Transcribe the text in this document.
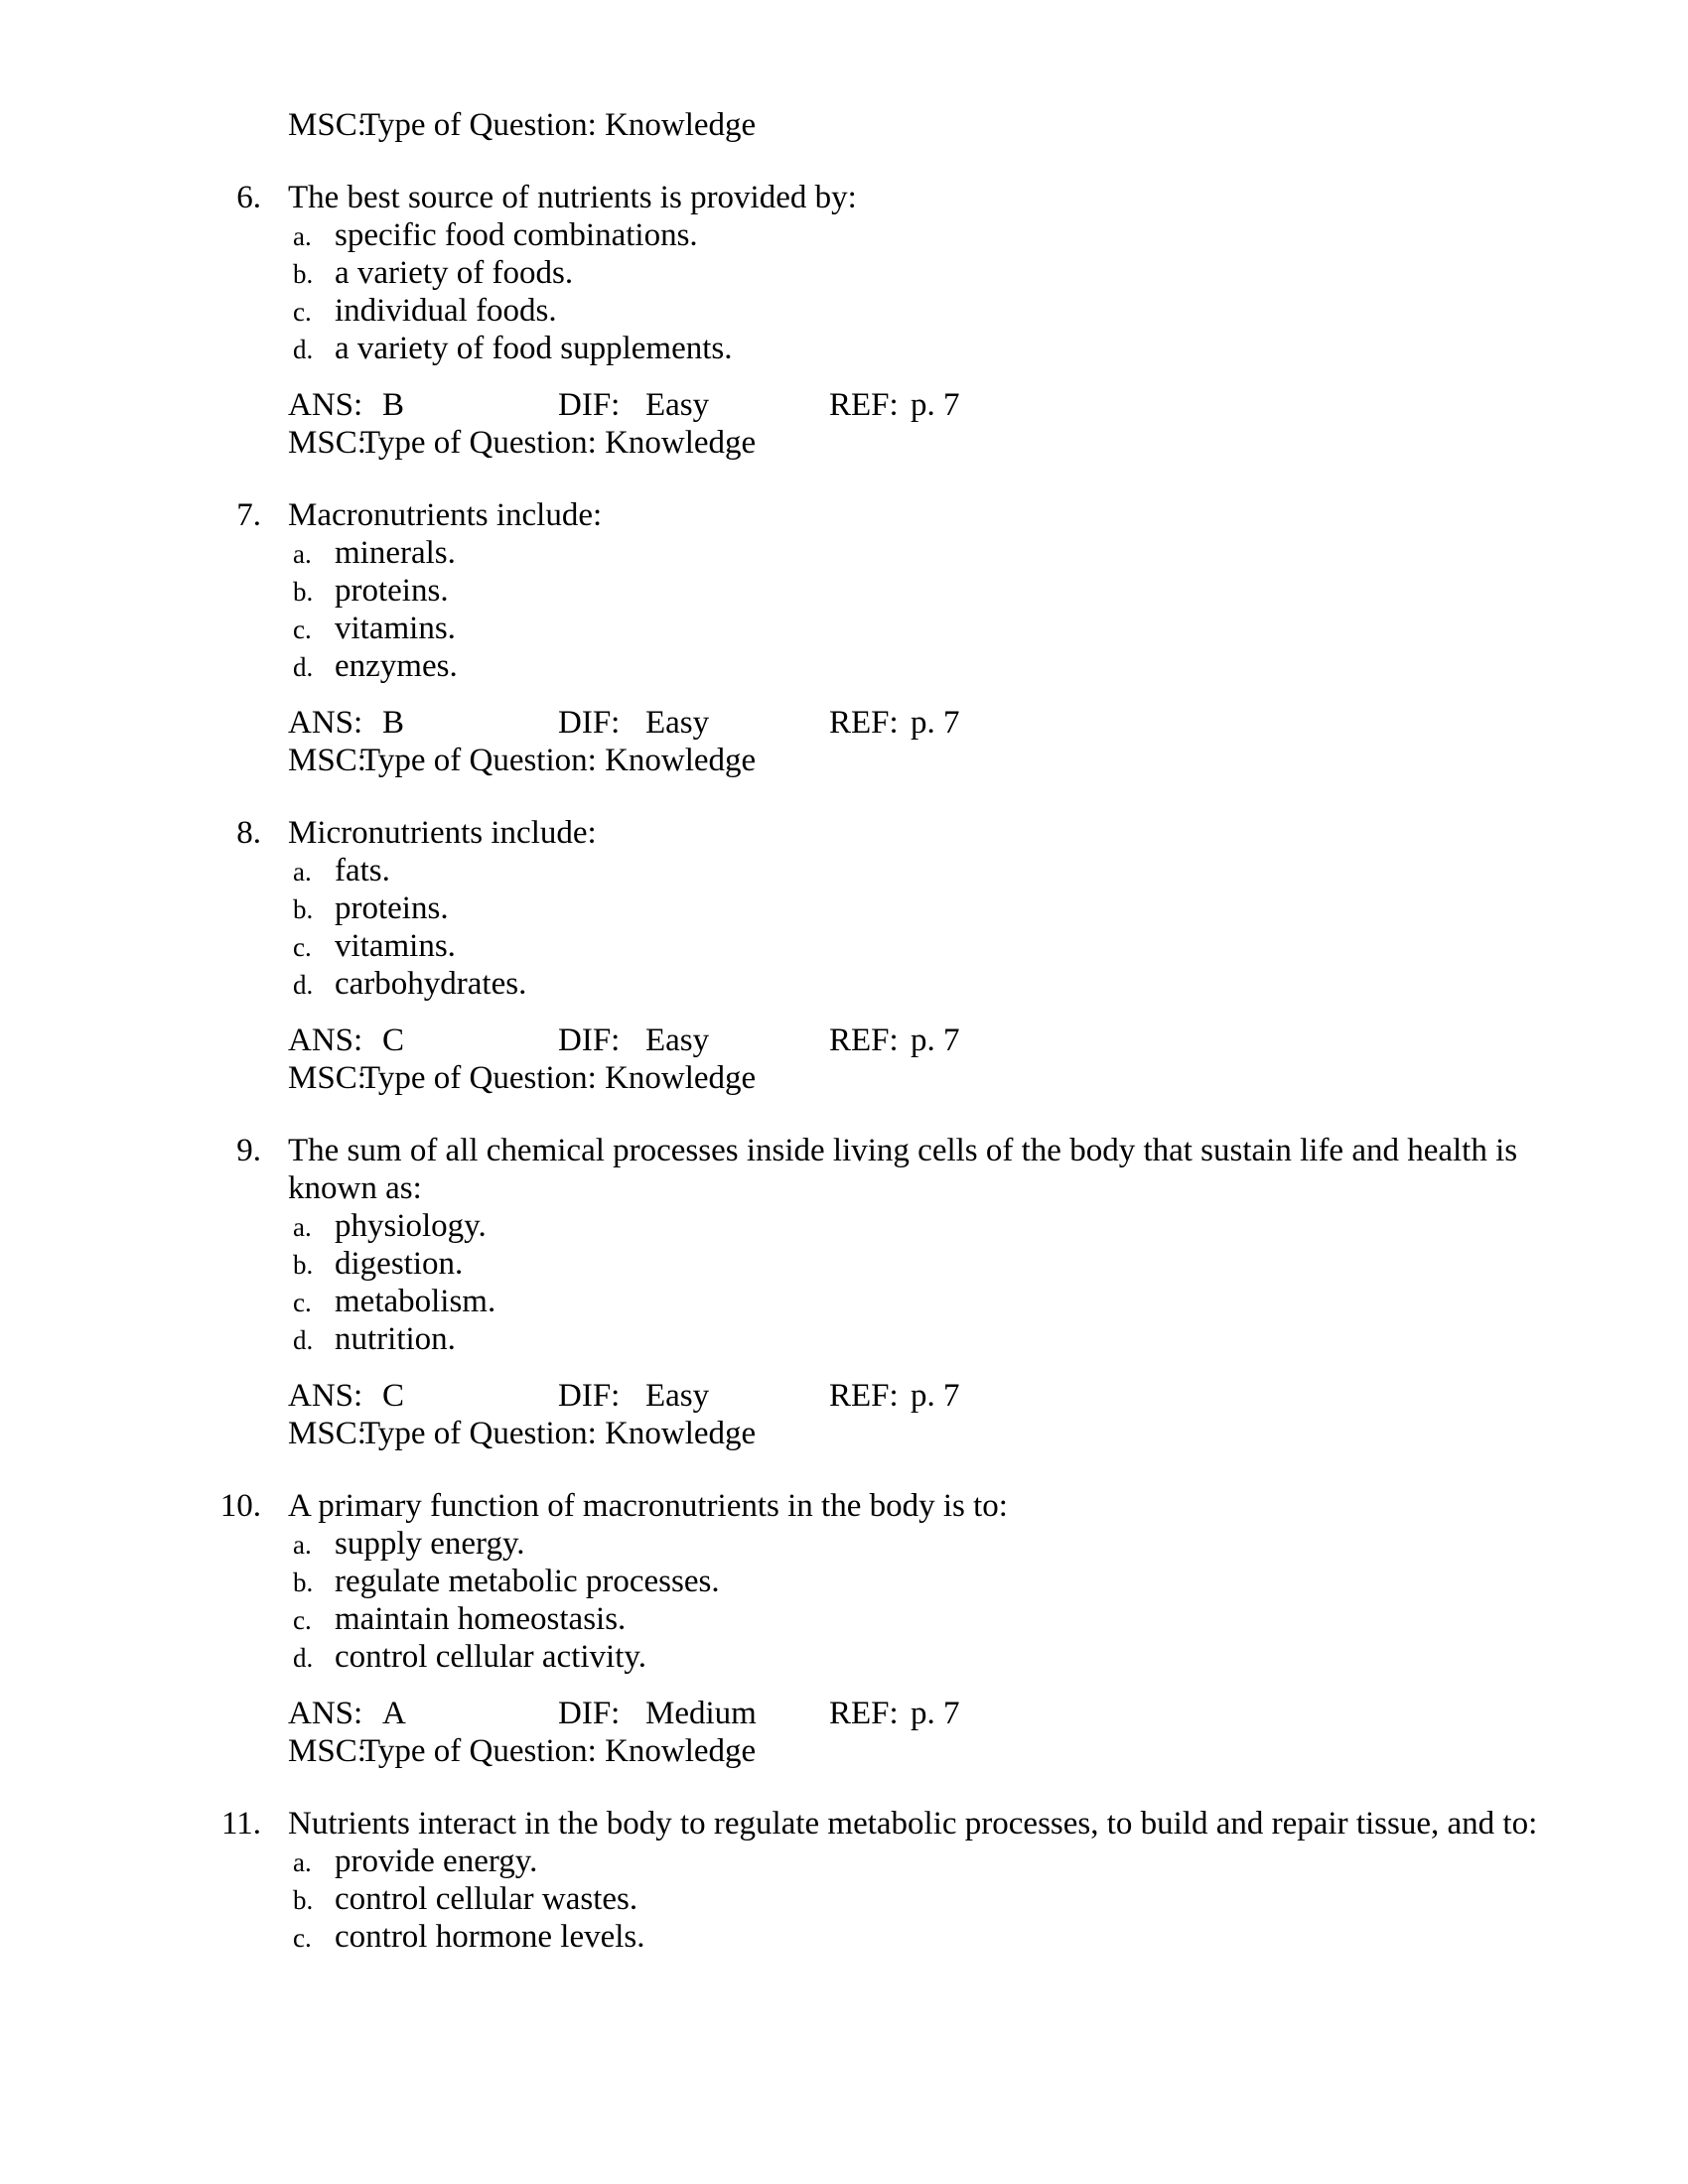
MSC:
Type of Question: Knowledge
6. The best source of nutrients is provided by:
a. specific food combinations.
b. a variety of foods.
c. individual foods.
d. a variety of food supplements.
ANS: B	DIF: Easy	REF: p. 7
MSC:
Type of Question: Knowledge
7. Macronutrients include:
a. minerals.
b. proteins.
c. vitamins.
d. enzymes.
ANS: B	DIF: Easy	REF: p. 7
MSC:
Type of Question: Knowledge
8. Micronutrients include:
a. fats.
b. proteins.
c. vitamins.
d. carbohydrates.
ANS: C	DIF: Easy	REF: p. 7
MSC:
Type of Question: Knowledge
9. The sum of all chemical processes inside living cells of the body that sustain life and health is known as:
a. physiology.
b. digestion.
c. metabolism.
d. nutrition.
ANS: C	DIF: Easy	REF: p. 7
MSC:
Type of Question: Knowledge
10. A primary function of macronutrients in the body is to:
a. supply energy.
b. regulate metabolic processes.
c. maintain homeostasis.
d. control cellular activity.
ANS: A	DIF: Medium REF: p. 7
MSC:
Type of Question: Knowledge
11. Nutrients interact in the body to regulate metabolic processes, to build and repair tissue, and to:
a. provide energy.
b. control cellular wastes.
c. control hormone levels.
